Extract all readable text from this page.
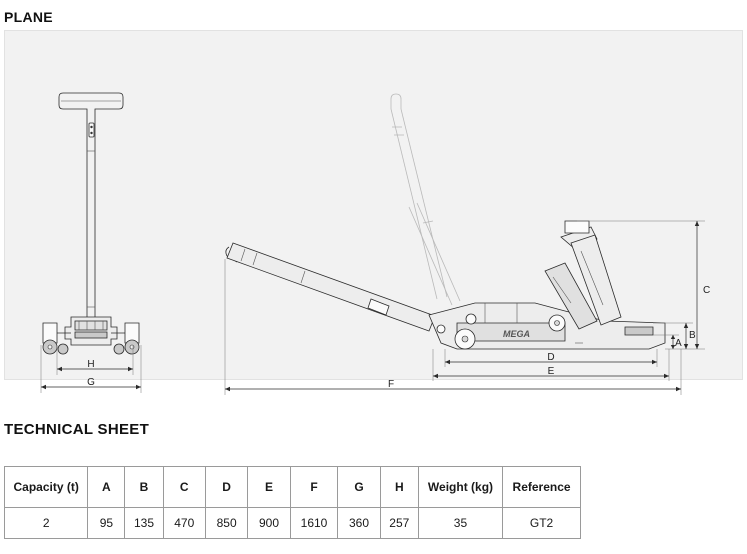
PLANE
H
G
MEGA
C
B
A
D
E
F
TECHNICAL SHEET
Capacity (t)	A	B	C	D	E	F	G	H	Weight (kg)	Reference
2	95	135	470	850	900	1610	360	257	35	GT2
